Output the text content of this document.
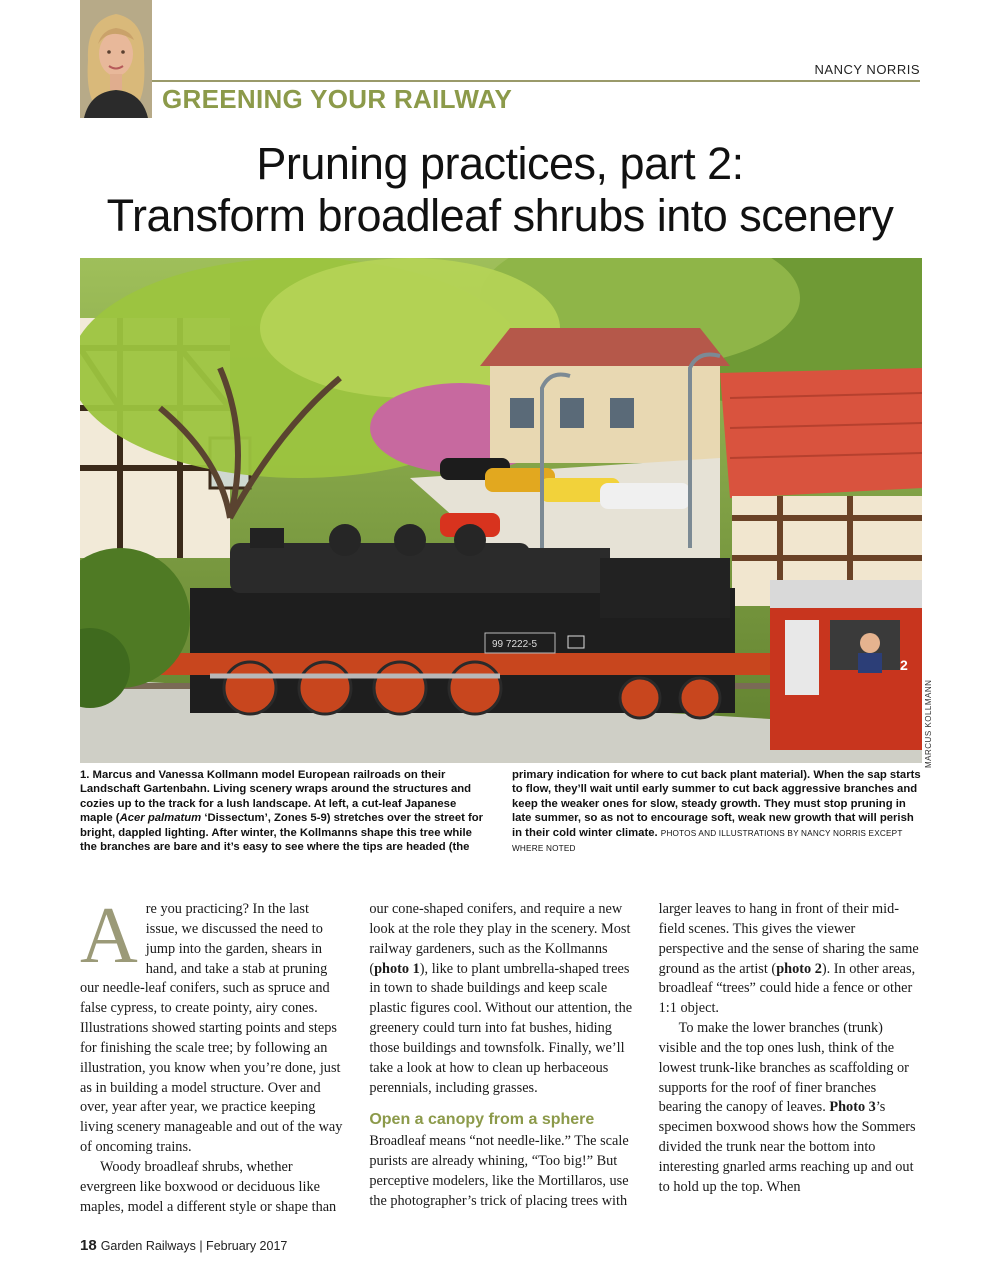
NANCY NORRIS
GREENING YOUR RAILWAY
Pruning practices, part 2:
Transform broadleaf shrubs into scenery
99 7222-5
2
MARCUS KOLLMANN
1. Marcus and Vanessa Kollmann model European railroads on their Landschaft Gartenbahn. Living scenery wraps around the structures and cozies up to the track for a lush landscape. At left, a cut-leaf Japanese maple (Acer palmatum ‘Dissectum’, Zones 5-9) stretches over the street for bright, dappled lighting. After winter, the Kollmanns shape this tree while the branches are bare and it’s easy to see where the tips are headed (the primary indication for where to cut back plant material). When the sap starts to flow, they’ll wait until early summer to cut back aggressive branches and keep the weaker ones for slow, steady growth. They must stop pruning in late summer, so as not to encourage soft, weak new growth that will perish in their cold winter climate. PHOTOS AND ILLUSTRATIONS BY NANCY NORRIS EXCEPT WHERE NOTED

Are you practicing? In the last issue, we discussed the need to jump into the garden, shears in hand, and take a stab at pruning our needle-leaf conifers, such as spruce and false cypress, to create pointy, airy cones. Illustrations showed starting points and steps for finishing the scale tree; by following an illustration, you know when you’re done, just as in building a model structure. Over and over, year after year, we practice keeping living scenery manageable and out of the way of oncoming trains.

Woody broadleaf shrubs, whether evergreen like boxwood or deciduous like maples, model a different style or shape than our cone-shaped conifers, and require a new look at the role they play in the scenery. Most railway gardeners, such as the Kollmanns (photo 1), like to plant umbrella-shaped trees in town to shade buildings and keep scale plastic figures cool. Without our attention, the greenery could turn into fat bushes, hiding those buildings and townsfolk. Finally, we’ll take a look at how to clean up herbaceous perennials, including grasses.

Open a canopy from a sphere

Broadleaf means “not needle-like.” The scale purists are already whining, “Too big!” But perceptive modelers, like the Mortillaros, use the photographer’s trick of placing trees with larger leaves to hang in front of their mid-field scenes. This gives the viewer perspective and the sense of sharing the same ground as the artist (photo 2). In other areas, broadleaf “trees” could hide a fence or other 1:1 object.

To make the lower branches (trunk) visible and the top ones lush, think of the lowest trunk-like branches as scaffolding or supports for the roof of finer branches bearing the canopy of leaves. Photo 3’s specimen boxwood shows how the Sommers divided the trunk near the bottom into interesting gnarled arms reaching up and out to hold up the top. When

18 Garden Railways | February 2017
